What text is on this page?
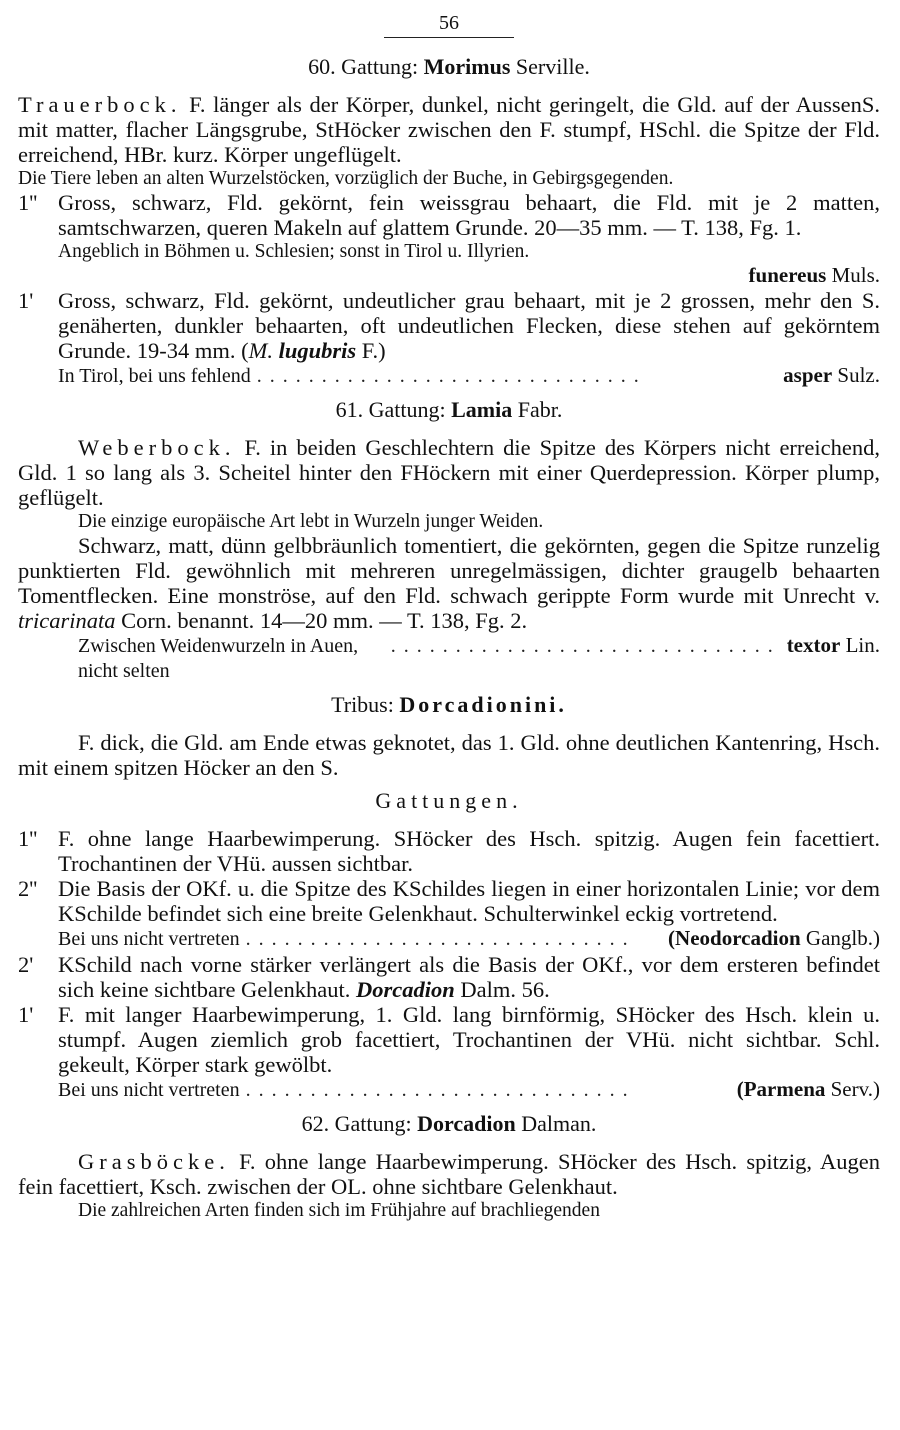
56
60. Gattung: Morimus Serville.

Trauerbock. F. länger als der Körper, dunkel, nicht geringelt, die Gld. auf der AussenS. mit matter, flacher Längsgrube, StHöcker zwischen den F. stumpf, HSchl. die Spitze der Fld. erreichend, HBr. kurz. Körper ungeflügelt.

Die Tiere leben an alten Wurzelstöcken, vorzüglich der Buche, in Gebirgsgegenden.

1'' Gross, schwarz, Fld. gekörnt, fein weissgrau behaart, die Fld. mit je 2 matten, samtschwarzen, queren Makeln auf glattem Grunde. 20—35 mm. — T. 138, Fg. 1.

Angeblich in Böhmen u. Schlesien; sonst in Tirol u. Illyrien.

funereus Muls.
1'	Gross, schwarz, Fld. gekörnt, undeutlicher grau behaart, mit je 2 grossen, mehr den S. genäherten, dunkler behaarten, oft undeutlichen Flecken, diese stehen auf gekörntem Grunde. 19-34 mm. (M. lugubris F.)

In Tirol, bei uns fehlend ..............................	asper Sulz.
61. Gattung: Lamia Fabr.

Weberbock. F. in beiden Geschlechtern die Spitze des Körpers nicht erreichend, Gld. 1 so lang als 3. Scheitel hinter den FHöckern mit einer Querdepression. Körper plump, geflügelt.

Die einzige europäische Art lebt in Wurzeln junger Weiden.

Schwarz, matt, dünn gelbbräunlich tomentiert, die gekörnten, gegen die Spitze runzelig punktierten Fld. gewöhnlich mit mehreren unregelmässigen, dichter graugelb behaarten Tomentflecken. Eine monströse, auf den Fld. schwach gerippte Form wurde mit Unrecht v. tricarinata Corn. benannt. 14—20 mm. — T. 138, Fg. 2.

Zwischen Weidenwurzeln in Auen, nicht selten
.............................. textor Lin.
Tribus: Dorcadionini.

F. dick, die Gld. am Ende etwas geknotet, das 1. Gld. ohne deutlichen Kantenring, Hsch. mit einem spitzen Höcker an den S.

Gattungen.
1'' F. ohne lange Haarbewimperung. SHöcker des Hsch. spitzig. Augen fein facettiert. Trochantinen der VHü. aussen sichtbar.

2'' Die Basis der OKf. u. die Spitze des KSchildes liegen in einer horizontalen Linie; vor dem KSchilde befindet sich eine breite Gelenkhaut. Schulterwinkel eckig vortretend.

Bei uns nicht vertreten ..............................	(Neodorcadion Ganglb.)
2'	KSchild nach vorne stärker verlängert als die Basis der OKf., vor dem ersteren befindet sich keine sichtbare Gelenkhaut. Dorcadion Dalm. 56.

1'	F. mit langer Haarbewimperung, 1. Gld. lang birnförmig, SHöcker des Hsch. klein u. stumpf. Augen ziemlich grob facettiert, Trochantinen der VHü. nicht sichtbar. Schl. gekeult, Körper stark gewölbt.

Bei uns nicht vertreten ..............................	(Parmena Serv.)
62. Gattung: Dorcadion Dalman.

Grasböcke. F. ohne lange Haarbewimperung. SHöcker des Hsch. spitzig, Augen fein facettiert, Ksch. zwischen der OL. ohne sichtbare Gelenkhaut.

Die zahlreichen Arten finden sich im Frühjahre auf brachliegenden
